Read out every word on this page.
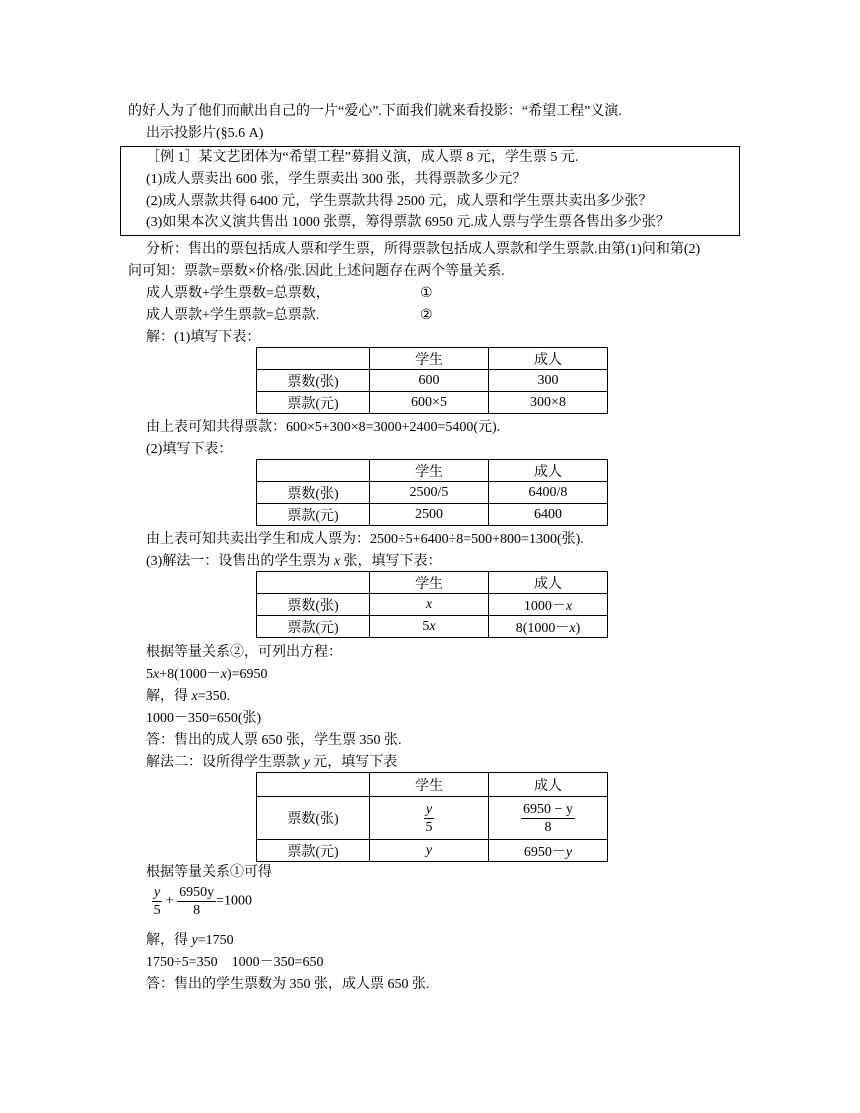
的好人为了他们而献出自己的一片“爱心”.下面我们就来看投影：“希望工程”义演.
出示投影片(§5.6 A)
［例 1］某文艺团体为“希望工程”募捐义演，成人票 8 元，学生票 5 元.
(1)成人票卖出 600 张，学生票卖出 300 张，共得票款多少元？
(2)成人票款共得 6400 元，学生票款共得 2500 元，成人票和学生票共卖出多少张？
(3)如果本次义演共售出 1000 张票，筹得票款 6950 元.成人票与学生票各售出多少张？
分析：售出的票包括成人票和学生票，所得票款包括成人票款和学生票款.由第(1)问和第(2)
问可知：票款=票数×价格/张.因此上述问题存在两个等量关系.
成人票数+学生票数=总票数，	①
成人票款+学生票款=总票款.	②
解：(1)填写下表：
	学生	成人
票数(张)	600	300
票款(元)	600×5	300×8
由上表可知共得票款：600×5+300×8=3000+2400=5400(元).
(2)填写下表：
	学生	成人
票数(张)	2500/5	6400/8
票款(元)	2500	6400
由上表可知共卖出学生和成人票为：2500÷5+6400÷8=500+800=1300(张).
(3)解法一：设售出的学生票为 x 张，填写下表：
	学生	成人
票数(张)	x	1000－x
票款(元)	5x	8(1000－x)
根据等量关系②，可列出方程：
5x+8(1000－x)=6950
解，得 x=350.
1000－350=650(张)
答：售出的成人票 650 张，学生票 350 张.
解法二：设所得学生票款 y 元，填写下表
	学生	成人
票数(张)	$\frac{y}{5}$	$\frac{6950 - y}{8}$

票款(元)	y	6950－y
根据等量关系①可得
$\frac{y}{5} + \frac{6950y}{8} =1000$
解，得 y=1750
1750÷5=350　1000－350=650
答：售出的学生票数为 350 张，成人票 650 张.
